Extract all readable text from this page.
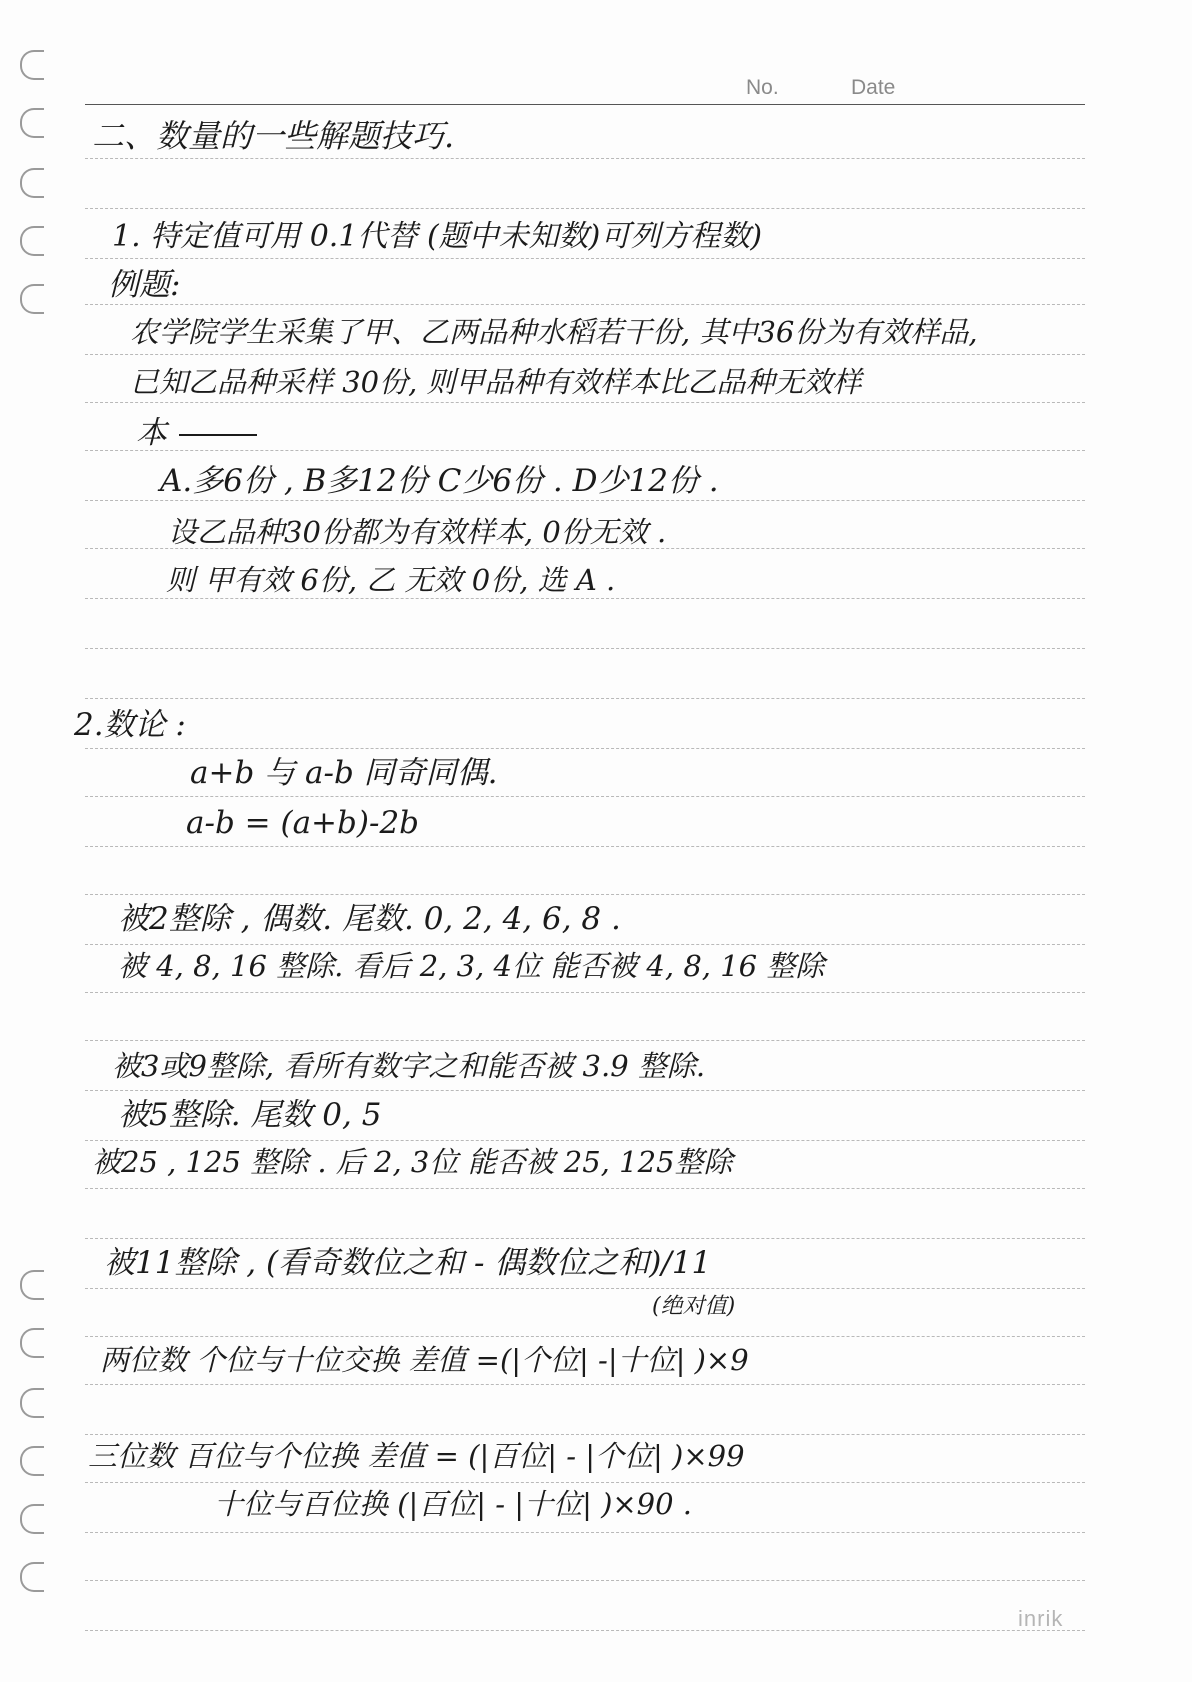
No.	Date
二、数量的一些解题技巧.
1. 特定值可用 0.1代替 (题中未知数)可列方程数)
例题:
农学院学生采集了甲、乙两品种水稻若干份, 其中36份为有效样品,
已知乙品种采样 30份, 则甲品种有效样本比乙品种无效样
本
A.多6份 , B多12份 C少6份 . D少12份 .
设乙品种30份都为有效样本, 0份无效 .
则 甲有效 6份, 乙 无效 0份, 选 A .
2.数论 :
a+b 与 a-b 同奇同偶.
a-b = (a+b)-2b
被2整除 , 偶数. 尾数. 0, 2, 4, 6, 8 .
被 4, 8, 16 整除. 看后 2, 3, 4位 能否被 4, 8, 16 整除
被3或9整除, 看所有数字之和能否被 3.9 整除.
被5整除. 尾数 0, 5
被25 , 125 整除 . 后 2, 3位 能否被 25, 125整除
被11整除 , (看奇数位之和 - 偶数位之和)/11
(绝对值)
两位数 个位与十位交换 差值 =(|个位| -|十位| )×9
三位数 百位与个位换 差值 = (|百位| - |个位| )×99
十位与百位换 (|百位| - |十位| )×90 .
inrik
